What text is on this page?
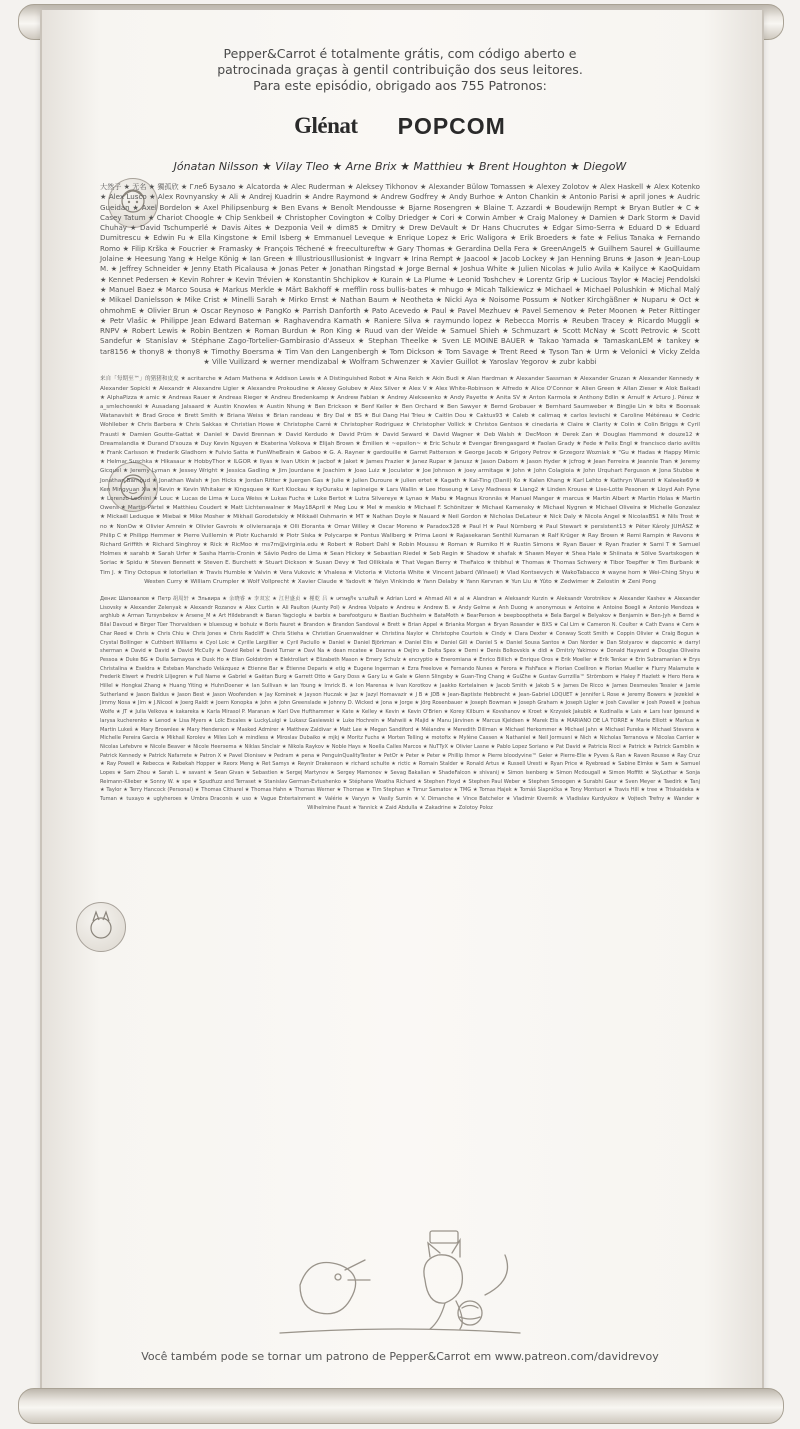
Pepper&Carrot é totalmente grátis, com código aberto e

patrocinada graças à gentil contribuição dos seus leitores.

Para este episódio, obrigado aos 755 Patronos:

Glénat POPCOM
Jónatan Nilsson ★ Vilay Tleo ★ Arne Brix ★ Matthieu ★ Brent Houghton ★ DiegoW
大然子 ★ 无名 ★ 獨孤欣 ★ Глеб Бузало ★ Alcatorda ★ Alec Ruderman ★ Aleksey Tikhonov ★ Alexander Bülow Tomassen ★ Alexey Zolotov ★ Alex Haskell ★ Alex Kotenko ★ Alex Lusco ★ Alex Rovnyansky ★ Ali ★ Andrej Kuadrin ★ Andre Raymond ★ Andrew Godfrey ★ Andy Burhoe ★ Anton Chankin ★ Antonio Parisi ★ april jones ★ Audric Gueidan ★ Axel Bordelon ★ Axel Philipsenburg ★ Ben Evans ★ Benoît Mendousse ★ Bjarne Rosengren ★ Blaine T. Azzardi ★ Boudewijn Rempt ★ Bryan Butler ★ C ★ Casey Tatum ★ Chariot Choogle ★ Chip Senkbeil ★ Christopher Covington ★ Colby Driedger ★ Cori ★ Corwin Amber ★ Craig Maloney ★ Damien ★ Dark Storm ★ David Chuhay ★ David Tschumperlé ★ Davis Aites ★ Dezponia Veil ★ dim85 ★ Dmitry ★ Drew DeVault ★ Dr Hans Chucrutes ★ Edgar Simo-Serra ★ Eduard D ★ Eduard Dumitrescu ★ Edwin Fu ★ Ella Kingstone ★ Emil Isberg ★ Emmanuel Leveque ★ Enrique Lopez ★ Eric Waligora ★ Erik Broeders ★ fate ★ Felius Tanaka ★ Fernando Romo ★ Filip Krška ★ Foucrier ★ Framasky ★ François Téchené ★ freecultureftw ★ Gary Thomas ★ Gerardina Della Fera ★ GreenAngel5 ★ Guilhem Saurel ★ Guillaume Jolaine ★ Heesung Yang ★ Helge König ★ Ian Green ★ IllustriousIllusionist ★ Ingvarr ★ Irina Rempt ★ Jaacool ★ Jacob Lockey ★ Jan Henning Bruns ★ Jason ★ Jean-Loup M. ★ Jeffrey Schneider ★ Jenny Etath Picalausa ★ Jonas Peter ★ Jonathan Ringstad ★ Jorge Bernal ★ Joshua White ★ Julien Nicolas ★ Julio Avila ★ Kailyce ★ KaoQuidam ★ Kennet Pedersen ★ Kevin Rohrer ★ Kevin Trévien ★ Konstantin Shchipkov ★ Kurain ★ La Plume ★ Leonid Toshchev ★ Lorentz Grip ★ Lucious Taylor ★ Maciej Pendolski ★ Manuel Baez ★ Marco Sousa ★ Markus Merkle ★ Märt Bakhoff ★ mefflin ross bullis-bates ★ mhugo ★ Micah Talkiewicz ★ Michael ★ Michael Polushkin ★ Michal Malý ★ Mikael Danielsson ★ Mike Crist ★ Minelli Sarah ★ Mirko Ernst ★ Nathan Baum ★ Neotheta ★ Nicki Aya ★ Noisome Possum ★ Notker Kirchgäßner ★ Nuparu ★ Oct ★ ohmohmE ★ Olivier Brun ★ Oscar Reynoso ★ PangKo ★ Parrish Danforth ★ Pato Acevedo ★ Paul ★ Pavel Mezhuev ★ Pavel Semenov ★ Peter Moonen ★ Peter Rittinger ★ Petr Vlašic ★ Philippe Jean Edward Bateman ★ Raghavendra Kamath ★ Raniere Silva ★ raymundo lopez ★ Rebecca Morris ★ Reuben Tracey ★ Ricardo Muggli ★ RNPV ★ Robert Lewis ★ Robin Bentzen ★ Roman Burdun ★ Ron King ★ Ruud van der Weide ★ Samuel Shieh ★ Schmuzart ★ Scott McNay ★ Scott Petrovic ★ Scott Sandefur ★ Stanislav ★ Stéphane Zago-Tortelier-Gambirasio d'Asseux ★ Stephan Theelke ★ Sven LE MOINE BAUER ★ Takao Yamada ★ TamaskanLEM ★ tankey ★ tar8156 ★ thony8 ★ thony8 ★ Timothy Boersma ★ Tim Van den Langenbergh ★ Tom Dickson ★ Tom Savage ★ Trent Reed ★ Tyson Tan ★ Urm ★ Velonici ★ Vicky Zelda ★ Ville Vuilizard ★ werner mendizabal ★ Wolfram Schwenzer ★ Xavier Guillot ★ Yaroslav Yegorov ★ zubr kabbi
来自「每期至™」的猪猪和皮皮 ★ acritarche ★ Adam Mathena ★ Addison Lewis ★ A Distinguished Robot ★ Aina Reich ★ Akin Budi ★ Alan Hardman ★ Alexander Sassman ★ Alexander Gruzan ★ Alexander Kennedy ★ Alexander Sopicki ★ Alexandr ★ Alexandre Ligier ★ Alexandre Prokoudine ★ Alexey Golubev ★ Alex Silver ★ Alex V ★ Alex White-Robinson ★ Alfredo ★ Alice O'Connor ★ Alien Green ★ Allan Zieser ★ Alok Baikadi ★ AlphaPizza ★ amic ★ Andreas Rauer ★ Andreas Rieger ★ Andreu Bredenkamp ★ Andrew Fabian ★ Andrey Alekseenko ★ Andy Payette ★ Anita SV ★ Anton Karmola ★ Anthony Edlin ★ Arnulf ★ Arturo J. Pérez ★ a_smlechowski ★ Ausadang Jalsaard ★ Austin Knowles ★ Austin Nhung ★ Ben Erickson ★ Benf Keller ★ Ben Orchard ★ Ben Sawyer ★ Bernd Grobauer ★ Bernhard Saumweber ★ Bingjie Lin ★ bits ★ Boonsak Watanavisit ★ Brad Groce ★ Brett Smith ★ Briana Weiss ★ Brian randeau ★ Bry Dal ★ BS ★ Bui Dang Hai Trieu ★ Caitlin Dou ★ Caktus93 ★ Caleb ★ calimaq ★ carlos levischi ★ Caroline Météreau ★ Cedric Wohlleber ★ Chris Barbera ★ Chris Sakkas ★ Christian Howe ★ Christophe Carré ★ Christopher Rodriguez ★ Christopher Vollick ★ Christos Gentsos ★ cinedaria ★ Claire ★ Clarity ★ Colin ★ Colin Briggs ★ Cyril Frausti ★ Damien Goutte-Gattat ★ Daniel ★ David Brennan ★ David Kerdudo ★ David Prüm ★ David Seward ★ David Wagner ★ Deb Walsh ★ DecMoon ★ Derek Zan ★ Douglas Hammond ★ douze12 ★ Dreamslandia ★ Durand D'souza ★ Duy Kevin Nguyen ★ Ekaterina Volkova ★ Elijah Brown ★ Émilien ★ ~epsilon~ ★ Eric Schulz ★ Evengar Brengasgard ★ Faolan Grady ★ Fede ★ Felix Engl ★ francisco dario aviltis ★ Frank Carlsson ★ Frederik Gladhorn ★ Fulvio Satta ★ FunWheBrain ★ Gaboo ★ G. A. Rayner ★ gardouille ★ Garret Patterson ★ George Jacob ★ Grigory Petrov ★ Grzegorz Wozniak ★ "Gu ★ Hadas ★ Happy Mimic ★ Helmar Suschka ★ Hikasaur ★ HobbyThor ★ ILGOR ★ Ilyas ★ Ivan Utkin ★ jacbof ★ Jaket ★ James Frazier ★ Janez Rupar ★ Janusz ★ Jason Daborn ★ Jason Hyder ★ jcfrog ★ Jean Ferreira ★ Jeannie Tran ★ Jeremy Gicquel ★ Jeremy Lyman ★ Jessey Wright ★ Jessica Gadling ★ Jim Jourdane ★ Joachim ★ Joao Luiz ★ Joculator ★ Joe Johnson ★ joey armitage ★ John ★ John Colagioia ★ John Urquhart Ferguson ★ Jona Stubbe ★ Jonathan Barnoud ★ Jonathan Walsh ★ Jon Hicks ★ Jordan Ritter ★ Juergen Gas ★ Julie ★ Julien Duroure ★ julien ertet ★ Kagath ★ Kai-Ting (Danil) Ko ★ Kalen Khang ★ Karl Lehto ★ Kathryn Wuerstl ★ Kaleeke69 ★ Ken Mingyuan Xia ★ Kevin ★ Kevin Whitaker ★ Kingsquee ★ Kurt Klockau ★ kyOuraku ★ lapineige ★ Lars Wallin ★ Lee Hoseung ★ Levy Madness ★ Liang2 ★ Linden Krouse ★ Lise-Lotte Pesonen ★ Lloyd Ash Pyne ★ Lorenzo Leonini ★ Louc ★ Lucas de Lima ★ Luca Weiss ★ Lukas Fuchs ★ Luke Bertot ★ Lutra Silvereye ★ Lynao ★ Mabu ★ Magnus Kronnäs ★ Manuel Manger ★ marcus ★ Martin Albert ★ Martin Holas ★ Martin Owens ★ Martin Pärtel ★ Matthieu Coudert ★ Matt Lichtenwalner ★ May18April ★ Meg Lou ★ Mel ★ meskio ★ Michael F. Schönitzer ★ Michael Kamensky ★ Michael Nygren ★ Michael Oliveira ★ Michelle Gonzalez ★ Mickaël Leduque ★ Miebai ★ Mike Mosher ★ Mikhail Gorodetskiy ★ Mikkaël Oshmarin ★ MT ★ Nathan Doyle ★ Nauard ★ Neil Gordon ★ Nicholas DeLateur ★ Nick Daly ★ Nicola Angel ★ NicolasBS1 ★ Nils Trost ★ no ★ NonOw ★ Olivier Amrein ★ Olivier Gavrois ★ oliviersaraja ★ Olli Eloranta ★ Omar Willey ★ Oscar Moreno ★ Paradox328 ★ Paul H ★ Paul Nürnberg ★ Paul Stewart ★ persistent13 ★ Péter Károly JUHÁSZ ★ Philip C ★ Philipp Hemmer ★ Pierre Vuillemin ★ Piotr Kucharski ★ Piotr Siska ★ Polycarpe ★ Pontus Wallberg ★ Prima Leoni ★ Rajasekaran Senthil Kumaran ★ Ralf Krüger ★ Ray Brown ★ Remi Rampin ★ Revons ★ Richard Griffith ★ Richard Singhroy ★ Rick ★ RicMoo ★ rns7m@virginia.edu ★ Robert ★ Robert Dahl ★ Robin Moussu ★ Roman ★ Rumiko H ★ Rustin Simons ★ Ryan Bauer ★ Ryan Frazier ★ Sami T ★ Samuel Holmes ★ sarahb ★ Sarah Urfer ★ Sasha Harris-Cronin ★ Sávio Pedro de Lima ★ Sean Hickey ★ Sebastian Riedel ★ Seb Regin ★ Shadow ★ shafak ★ Shawn Meyer ★ Shea Hale ★ Shiinata ★ Sölve Svartskogen ★ Soriac ★ Spidu ★ Steven Bennett ★ Steven E. Burchett ★ Stuart Dickson ★ Susan Devy ★ Ted Ollikkala ★ That Vegan Berry ★ TheFaico ★ thibhul ★ Thomas ★ Thomas Schwery ★ Tibor Toepffer ★ Tim Burbank ★ Tim J. ★ Tiny Octopus ★ lotorlelian ★ Travis Humble ★ Valvin ★ Vera Vukovic ★ Vhalesa ★ Victoria ★ Victoria White ★ Vincent Jabard (Winael) ★ Vlad Kontsevych ★ WakoTabacco ★ wayne hom ★ Wei-Ching Shyu ★ Westen Curry ★ William Crumpler ★ Wolf Vollprecht ★ Xavier Claude ★ Yadovit ★ Yalyn Vinkindo ★ Yann Delaby ★ Yann Kervran ★ Yun Liu ★ Yûto ★ Zedwimer ★ Zelostin ★ Zeni Pong
Денис Шаповалов ★ Петр 胡周轩 ★ Эльвира ★ 余晓睿 ★ 李双宏 ★ 江世盛贞 ★ 槿乾 吕 ★ เศรษฐกิจ นามสันติ ★ Adrian Lord ★ Ahmad Ali ★ al ★ Alandran ★ Aleksandr Kurzin ★ Aleksandr Vorotnikov ★ Alexander Kashev ★ Alexander Lisovsky ★ Alexander Zelenyak ★ Alexandr Rozanov ★ Alex Curtin ★ Ali Paulton (Aunty Pol) ★ Andrea Volpato ★ Andreu ★ Andrew B. ★ Andy Gelme ★ Anh Duong ★ anonymous ★ Antoine ★ Antoine Boegli ★ Antonio Mendoza ★ arghlub ★ Arman Tursynbekov ★ Arsene_M ★ Art Hildebrandt ★ Baran Yagcioglu ★ barbix ★ barefootguru ★ Bastian Buchheim ★ BataMoth ★ BearPerson ★ beepbooptheta ★ Bela Bargel ★ Belyakov ★ Benjamin ★ Ben-Jyh ★ Bernd ★ Bilal Davoud ★ Birger Tüer Thorvaldsen ★ bluesoug ★ bohuiz ★ Boris Fauret ★ Brandon ★ Brandon Sandoval ★ Brett ★ Brian Appel ★ Brianka Morgan ★ Bryan Rosander ★ BXS ★ Cal Lim ★ Cameron N. Coulter ★ Cath Evans ★ Cem ★ Char Reed ★ Chris ★ Chris Chiu ★ Chris Jones ★ Chris Radcliff ★ Chris Stieha ★ Christian Gruenwaldner ★ Christina Naylor ★ Christophe Courtois ★ Cindy ★ Clara Dexter ★ Conway Scott Smith ★ Coppin Olivier ★ Craig Bogun ★ Crystal Bollinger ★ Cuthbert Williams ★ Cyol Loic ★ Cyrille Largillier ★ Cyril Paciullo ★ Daniel ★ Daniel Björkman ★ Daniel Elis ★ Daniel Gill ★ Daniel S ★ Daniel Sousa Santos ★ Dan Norder ★ Dan Stolyarov ★ dapcomic ★ darryl sherman ★ David ★ David ★ David McCully ★ David Rebel ★ David Turner ★ Davi Na ★ dean mcatee ★ Deanna ★ Dejiro ★ Delta Spex ★ Demi ★ Denis Bolkovskis ★ didi ★ Dmitriy Yakimov ★ Donald Hayward ★ Douglas Oliveira Pessoa ★ Duke BG ★ Dulia Samayoa ★ Dusk Ho ★ Elian Goldström ★ Elektrollart ★ Elizabeth Mason ★ Emery Schulz ★ encryptio ★ Eneromiana ★ Enrico Billich ★ Enrique Oros ★ Erik Moeller ★ Erik Tenkar ★ Erin Subramanian ★ Erys Christalina ★ Eseldra ★ Esteban Manchado Velázquez ★ Etienne Bar ★ Étienne Deparis ★ etig ★ Eugene Ingerman ★ Ezra Freelove ★ Fernando Nunes ★ Ferora ★ FishFace ★ Florian Coelliron ★ Florian Mueller ★ Flurry Malamute ★ Frederik Elwert ★ Fredrik Liljegren ★ Full Name ★ Gabriel ★ Gaëtan Burg ★ Garrett Otto ★ Gary Doss ★ Gary Lu ★ Gale ★ Glenn Slingsby ★ Guan-Ting Chang ★ GuiZhe ★ Gustav Gurrzilla™ Strömbom ★ Haley F Hazlett ★ Hero Hera ★ Hillel ★ Hongkai Zhang ★ Huang Yiting ★ HuhnDoener ★ Ian Sullivan ★ Ian Young ★ Imrick B. ★ Ion Marensa ★ Ivan Korotkov ★ Jaakko Kortelainen ★ Jacob Smith ★ Jakob S ★ James De Ricco ★ James Desmeules Tessier ★ Jamie Sutherland ★ Jason Baldus ★ Jason Best ★ Jason Woofenden ★ Jay Kominek ★ Jayson Huczak ★ Jaz ★ Jazyl Homavazir ★ J B ★ JDB ★ Jean-Baptiste Hebbrecht ★ Jean-Gabriel LOQUET ★ Jennifer L Rose ★ Jeremy Bowers ★ Jezekiel ★ Jimmy Nosa ★ Jim ★ J.Nicool ★ Joerg Raidt ★ Joern Konopka ★ John ★ John Greenslade ★ Johnny D. Wicked ★ Jona ★ Jorge ★ Jörg Rosenbauer ★ Joseph Bowman ★ Joseph Graham ★ Joseph Ligler ★ Josh Cavalier ★ Josh Powell ★ Joshua Wolfe ★ JT ★ Julia Velkova ★ kakareka ★ Karla Mirasol P. Maranan ★ Karl Ove Hufthammer ★ Kate ★ Kelley ★ Kevin ★ Kevin O'Brien ★ Korey Kilburn ★ Kovshanov ★ Kroet ★ Krzysiek Jakubik ★ Kudinalla ★ Lais ★ Lars Ivar Igesund ★ larysa kucherenko ★ Lenod ★ Lisa Myers ★ Loïc Escales ★ LuckyLuigi ★ Lukasz Gasiewski ★ Luke Hochrein ★ Mahwiii ★ Majid ★ Manu Järvinen ★ Marcus Kjeldsen ★ Marek Elis ★ MARIANO DE LA TORRE ★ Marie Elliott ★ Markus ★ Martin Lukeš ★ Mary Brownlee ★ Mary Henderson ★ Masked Admirer ★ Matthew Zaldivar ★ Matt Lee ★ Megan Sandiford ★ Mélandre ★ Meredith Dillman ★ Michael Herkommer ★ Michael Jahn ★ Michael Pureka ★ Michael Stevens ★ Michelle Pereira Garcia ★ Mikhail Korolev ★ Miles Loh ★ mindless ★ Miroslav Dubaiko ★ mjkj ★ Moritz Fuchs ★ Morten Telling ★ motofix ★ Mylène Cassen ★ Nathaniel ★ Neil Jormusni ★ Nich ★ Nicholas Terranova ★ Nicolas Carrier ★ Nicolas Lefebvre ★ Nicole Beaver ★ Nicole Heersema ★ Niklas Sinclair ★ Nikola Raykov ★ Noble Hays ★ Noella Calles Marcos ★ NuTTyX ★ Olivier Lasne ★ Pablo Lopez Soriano ★ Pat David ★ Patricia Ricci ★ Patrick ★ Patrick Gamblin ★ Patrick Kennedy ★ Patrick Nafarrete ★ Patron X ★ Pavel Dionisev ★ Pedram ★ pena ★ PenguinQualityTester ★ PetOr ★ Peter ★ Peter ★ Phillip Ihmor ★ Pierre bloodyvine™ Geier ★ Pierre-Elie ★ Pyves & Ran ★ Raven Rousse ★ Ray Cruz ★ Ray Powell ★ Rebecca ★ Rebekah Hopper ★ Reorx Meng ★ Ret Samys ★ Reynir Drakenson ★ richard schulte ★ rictic ★ Romain Stalder ★ Ronald Artus ★ Russell Uresti ★ Ryan Price ★ Ryebread ★ Sabine Elmke ★ Sam ★ Samuel Lopes ★ Sam Zhou ★ Sarah L. ★ savant ★ Sean Givan ★ Sebastien ★ Sergej Martynov ★ Sergey Mamonov ★ Sevag Bakalian ★ ShadeFalcon ★ shivanij ★ Simon Isenberg ★ Simon Mcdougall ★ Simon Moffitt ★ SkyLothar ★ Sonja Reimann-Klieber ★ Sonny W. ★ spe ★ Spudfuzz and Terraset ★ Stanislav German-Evtushenko ★ Stéphane Woatha Richard ★ Stephen Floyd ★ Stephen Paul Weber ★ Stephen Smoogen ★ Surabhi Gaur ★ Sven Meyer ★ Taedirk ★ Tanj ★ Taylor ★ Terry Hancock (Personal) ★ Thomas Citharel ★ Thomas Hahn ★ Thomas Werner ★ Thornae ★ Tim Stephan ★ Timur Samatov ★ TMG ★ Tomas Hajek ★ Tomáš Slapnička ★ Tony Montuori ★ Travis Hill ★ tree ★ Triskaideka ★ Tuman ★ tuxayo ★ uglyheroes ★ Umbra Draconis ★ uso ★ Vague Entertainment ★ Valérie ★ Varyyn ★ Vasily Sumin ★ V. Dimanche ★ Vince Batchelor ★ Vladimir Kivernik ★ Vladislav Kurdyukov ★ Vojtech Trefny ★ Wander ★ Wilhelmine Faust ★ Yannick ★ Zaid Abdulla ★ Zakadrine ★ Zolotoy Poloz
Você também pode se tornar um patrono de Pepper&Carrot em www.patreon.com/davidrevoy
